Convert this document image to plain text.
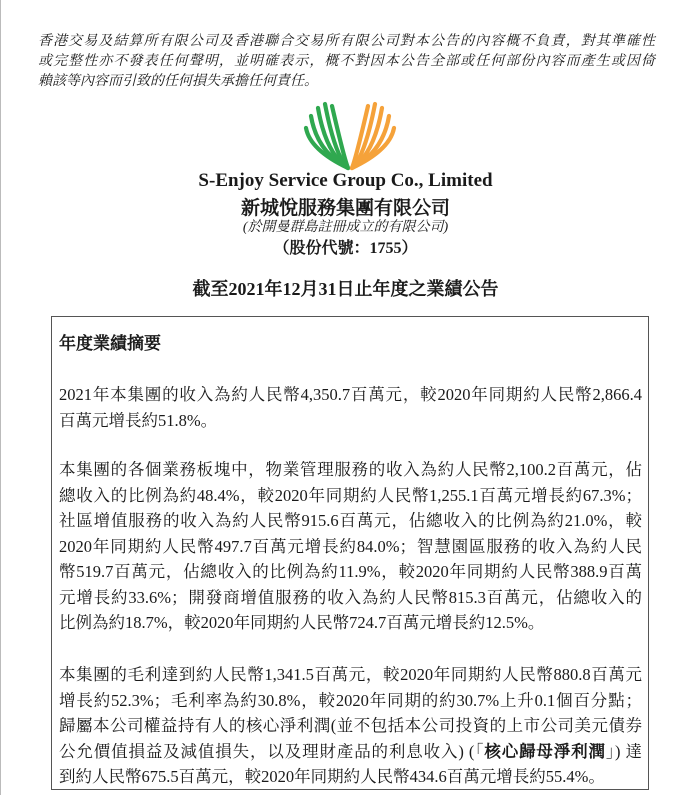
香港交易及結算所有限公司及香港聯合交易所有限公司對本公告的內容概不負責，對其準確性
或完整性亦不發表任何聲明，並明確表示，概不對因本公告全部或任何部份內容而產生或因倚
賴該等內容而引致的任何損失承擔任何責任。
S-Enjoy Service Group Co., Limited
新城悅服務集團有限公司
(於開曼群島註冊成立的有限公司)
（股份代號：1755）
截至2021年12月31日止年度之業績公告
年度業績摘要
2021年本集團的收入為約人民幣4,350.7百萬元，較2020年同期約人民幣2,866.4
百萬元增長約51.8%。
本集團的各個業務板塊中，物業管理服務的收入為約人民幣2,100.2百萬元，佔
總收入的比例為約48.4%，較2020年同期約人民幣1,255.1百萬元增長約67.3%；
社區增值服務的收入為約人民幣915.6百萬元，佔總收入的比例為約21.0%，較
2020年同期約人民幣497.7百萬元增長約84.0%；智慧園區服務的收入為約人民
幣519.7百萬元，佔總收入的比例為約11.9%，較2020年同期約人民幣388.9百萬
元增長約33.6%；開發商增值服務的收入為約人民幣815.3百萬元，佔總收入的
比例為約18.7%，較2020年同期約人民幣724.7百萬元增長約12.5%。
本集團的毛利達到約人民幣1,341.5百萬元，較2020年同期約人民幣880.8百萬元
增長約52.3%；毛利率為約30.8%，較2020年同期的約30.7%上升0.1個百分點；
歸屬本公司權益持有人的核心淨利潤(並不包括本公司投資的上市公司美元債券
公允價值損益及減值損失，以及理財產品的利息收入) (「核心歸母淨利潤」) 達
到約人民幣675.5百萬元，較2020年同期約人民幣434.6百萬元增長約55.4%。
